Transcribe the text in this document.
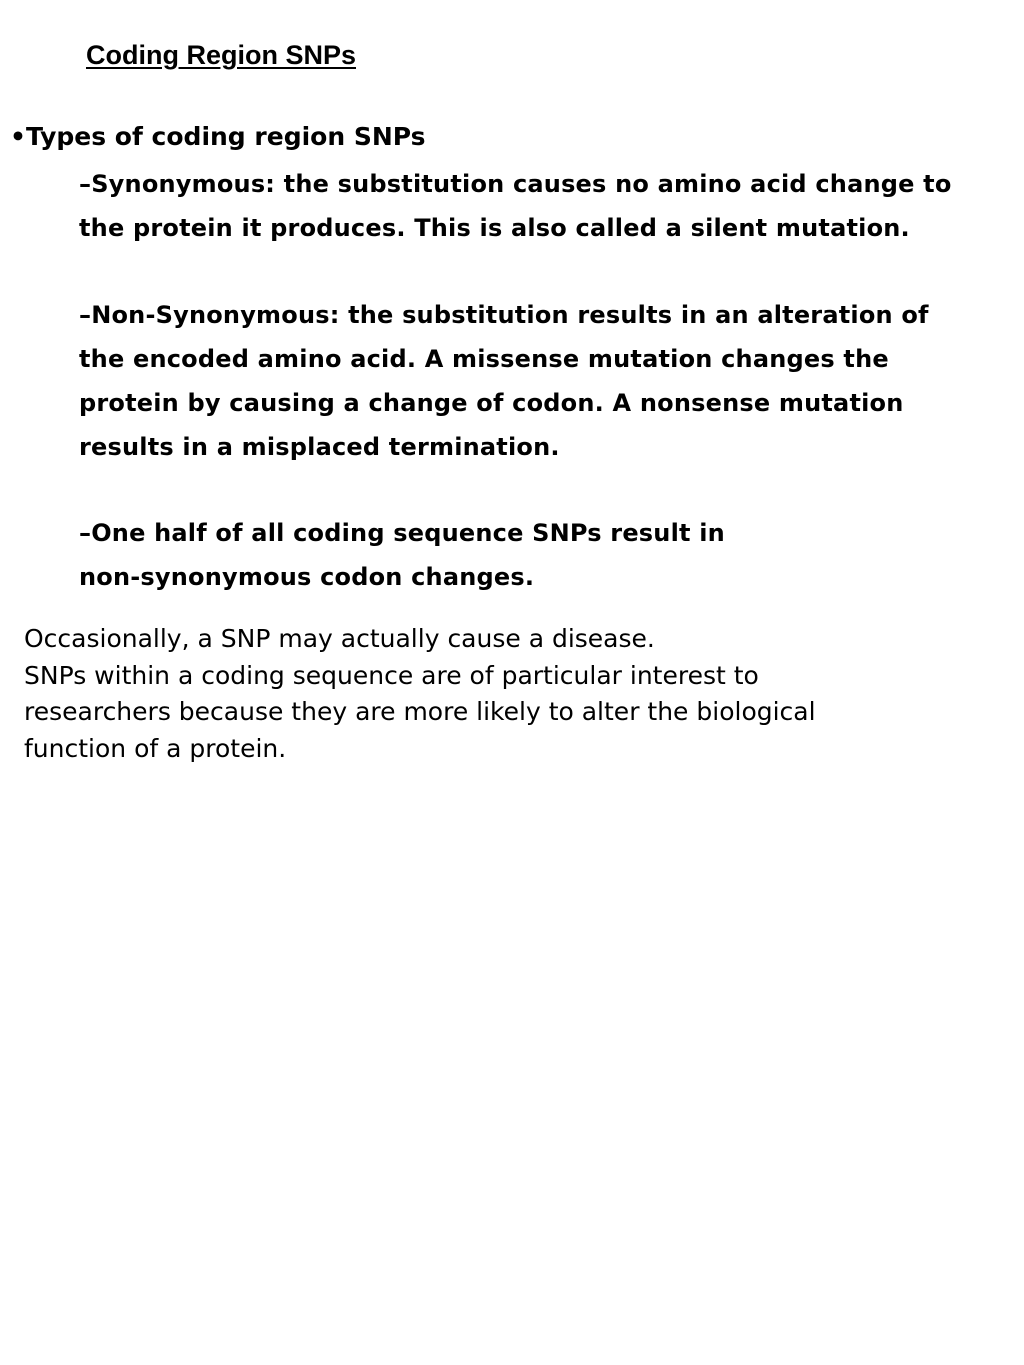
Coding Region SNPs
•Types of coding region SNPs
–Synonymous: the substitution causes no amino acid change to
the protein it produces. This is also called a silent mutation.
–Non-Synonymous: the substitution results in an alteration of
the encoded amino acid. A missense mutation changes the
protein by causing a change of codon. A nonsense mutation
results in a misplaced termination.
–One half of all coding sequence SNPs result in
non-synonymous codon changes.
Occasionally, a SNP may actually cause a disease.
SNPs within a coding sequence are of particular interest to
researchers because they are more likely to alter the biological
function of a protein.
